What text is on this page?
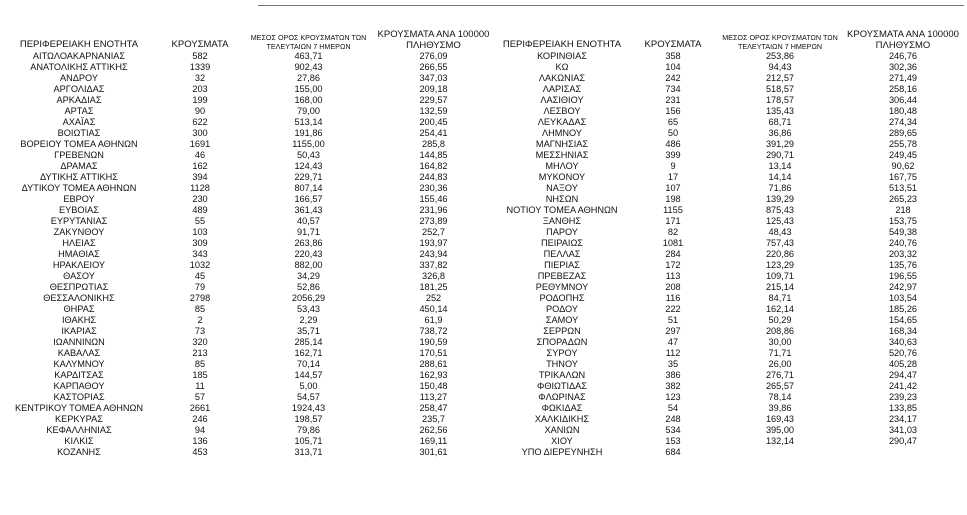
ΠΕΡΙΦΕΡΕΙΑΚΗ ΕΝΟΤΗΤΑ	ΚΡΟΥΣΜΑΤΑ	ΜΕΣΟΣ ΟΡΟΣ ΚΡΟΥΣΜΑΤΩΝ ΤΩΝ ΤΕΛΕΥΤΑΙΩΝ 7 ΗΜΕΡΩΝ	ΚΡΟΥΣΜΑΤΑ ΑΝΑ 100000 ΠΛΗΘΥΣΜΟ
ΑΙΤΩΛΟΑΚΑΡΝΑΝΙΑΣ	582	463,71	276,09
ΑΝΑΤΟΛΙΚΗΣ ΑΤΤΙΚΗΣ	1339	902,43	266,55
ΑΝΔΡΟΥ	32	27,86	347,03
ΑΡΓΟΛΙΔΑΣ	203	155,00	209,18
ΑΡΚΑΔΙΑΣ	199	168,00	229,57
ΑΡΤΑΣ	90	79,00	132,59
ΑΧΑΪΑΣ	622	513,14	200,45
ΒΟΙΩΤΙΑΣ	300	191,86	254,41
ΒΟΡΕΙΟΥ ΤΟΜΕΑ ΑΘΗΝΩΝ	1691	1155,00	285,8
ΓΡΕΒΕΝΩΝ	46	50,43	144,85
ΔΡΑΜΑΣ	162	124,43	164,82
ΔΥΤΙΚΗΣ ΑΤΤΙΚΗΣ	394	229,71	244,83
ΔΥΤΙΚΟΥ ΤΟΜΕΑ ΑΘΗΝΩΝ	1128	807,14	230,36
ΕΒΡΟΥ	230	166,57	155,46
ΕΥΒΟΙΑΣ	489	361,43	231,96
ΕΥΡΥΤΑΝΙΑΣ	55	40,57	273,89
ΖΑΚΥΝΘΟΥ	103	91,71	252,7
ΗΛΕΙΑΣ	309	263,86	193,97
ΗΜΑΘΙΑΣ	343	220,43	243,94
ΗΡΑΚΛΕΙΟΥ	1032	882,00	337,82
ΘΑΣΟΥ	45	34,29	326,8
ΘΕΣΠΡΩΤΙΑΣ	79	52,86	181,25
ΘΕΣΣΑΛΟΝΙΚΗΣ	2798	2056,29	252
ΘΗΡΑΣ	85	53,43	450,14
ΙΘΑΚΗΣ	2	2,29	61,9
ΙΚΑΡΙΑΣ	73	35,71	738,72
ΙΩΑΝΝΙΝΩΝ	320	285,14	190,59
ΚΑΒΑΛΑΣ	213	162,71	170,51
ΚΑΛΥΜΝΟΥ	85	70,14	288,61
ΚΑΡΔΙΤΣΑΣ	185	144,57	162,93
ΚΑΡΠΑΘΟΥ	11	5,00	150,48
ΚΑΣΤΟΡΙΑΣ	57	54,57	113,27
ΚΕΝΤΡΙΚΟΥ ΤΟΜΕΑ ΑΘΗΝΩΝ	2661	1924,43	258,47
ΚΕΡΚΥΡΑΣ	246	198,57	235,7
ΚΕΦΑΛΛΗΝΙΑΣ	94	79,86	262,56
ΚΙΛΚΙΣ	136	105,71	169,11
ΚΟΖΑΝΗΣ	453	313,71	301,61
ΠΕΡΙΦΕΡΕΙΑΚΗ ΕΝΟΤΗΤΑ	ΚΡΟΥΣΜΑΤΑ	ΜΕΣΟΣ ΟΡΟΣ ΚΡΟΥΣΜΑΤΩΝ ΤΩΝ ΤΕΛΕΥΤΑΙΩΝ 7 ΗΜΕΡΩΝ	ΚΡΟΥΣΜΑΤΑ ΑΝΑ 100000 ΠΛΗΘΥΣΜΟ
ΚΟΡΙΝΘΙΑΣ	358	253,86	246,76
ΚΩ	104	94,43	302,36
ΛΑΚΩΝΙΑΣ	242	212,57	271,49
ΛΑΡΙΣΑΣ	734	518,57	258,16
ΛΑΣΙΘΙΟΥ	231	178,57	306,44
ΛΕΣΒΟΥ	156	135,43	180,48
ΛΕΥΚΑΔΑΣ	65	68,71	274,34
ΛΗΜΝΟΥ	50	36,86	289,65
ΜΑΓΝΗΣΙΑΣ	486	391,29	255,78
ΜΕΣΣΗΝΙΑΣ	399	290,71	249,45
ΜΗΛΟΥ	9	13,14	90,62
ΜΥΚΟΝΟΥ	17	14,14	167,75
ΝΑΞΟΥ	107	71,86	513,51
ΝΗΣΩΝ	198	139,29	265,23
ΝΟΤΙΟΥ ΤΟΜΕΑ ΑΘΗΝΩΝ	1155	875,43	218
ΞΑΝΘΗΣ	171	125,43	153,75
ΠΑΡΟΥ	82	48,43	549,38
ΠΕΙΡΑΙΩΣ	1081	757,43	240,76
ΠΕΛΛΑΣ	284	220,86	203,32
ΠΙΕΡΙΑΣ	172	123,29	135,76
ΠΡΕΒΕΖΑΣ	113	109,71	196,55
ΡΕΘΥΜΝΟΥ	208	215,14	242,97
ΡΟΔΟΠΗΣ	116	84,71	103,54
ΡΟΔΟΥ	222	162,14	185,26
ΣΑΜΟΥ	51	50,29	154,65
ΣΕΡΡΩΝ	297	208,86	168,34
ΣΠΟΡΑΔΩΝ	47	30,00	340,63
ΣΥΡΟΥ	112	71,71	520,76
ΤΗΝΟΥ	35	26,00	405,28
ΤΡΙΚΑΛΩΝ	386	276,71	294,47
ΦΘΙΩΤΙΔΑΣ	382	265,57	241,42
ΦΛΩΡΙΝΑΣ	123	78,14	239,23
ΦΩΚΙΔΑΣ	54	39,86	133,85
ΧΑΛΚΙΔΙΚΗΣ	248	169,43	234,17
ΧΑΝΙΩΝ	534	395,00	341,03
ΧΙΟΥ	153	132,14	290,47
ΥΠΟ ΔΙΕΡΕΥΝΗΣΗ	684		
